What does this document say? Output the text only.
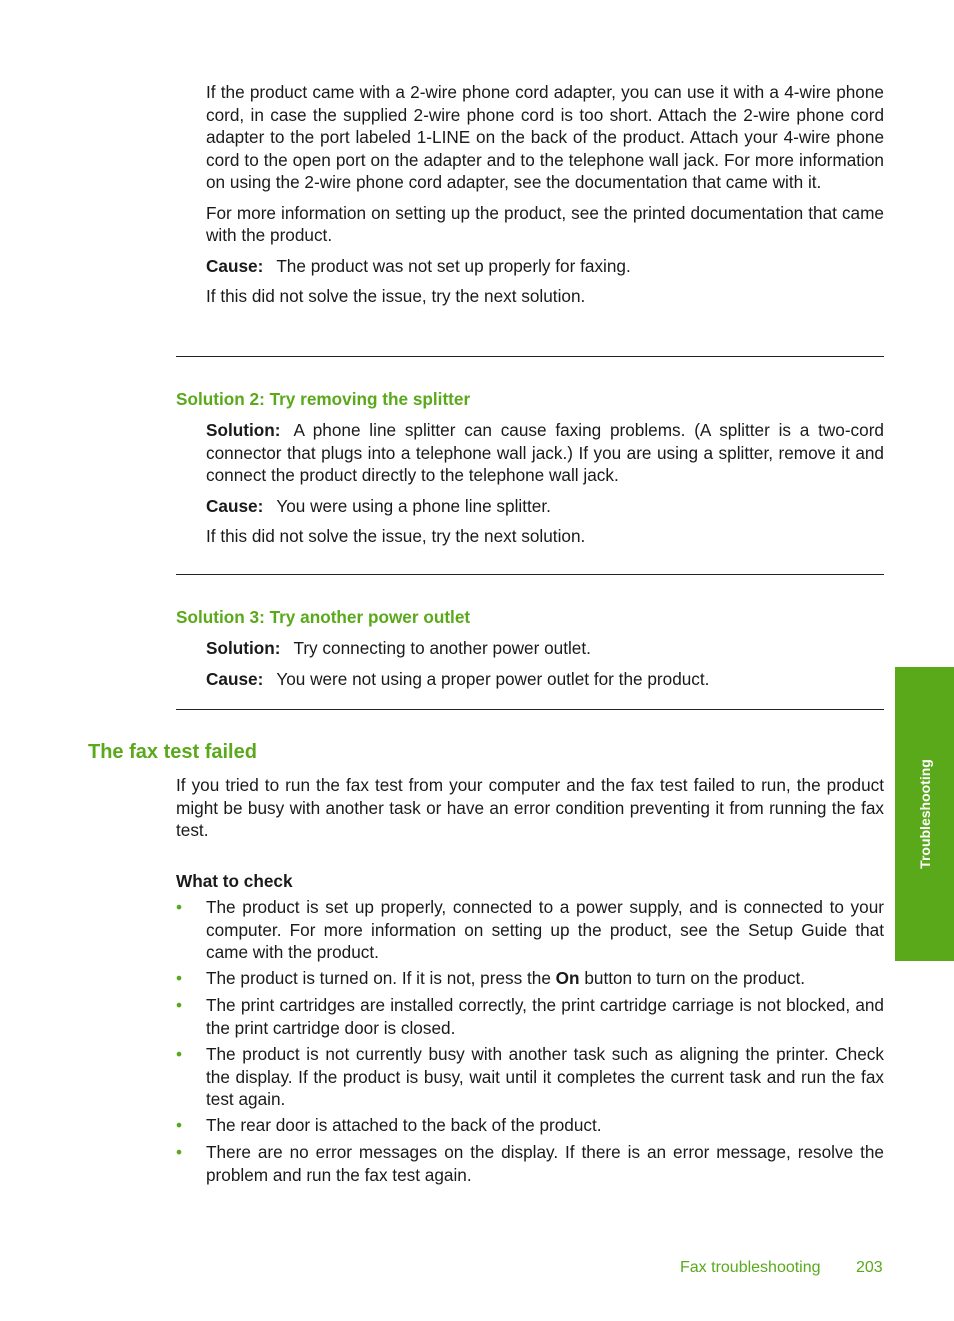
If the product came with a 2-wire phone cord adapter, you can use it with a 4-wire phone cord, in case the supplied 2-wire phone cord is too short. Attach the 2-wire phone cord adapter to the port labeled 1-LINE on the back of the product. Attach your 4-wire phone cord to the open port on the adapter and to the telephone wall jack. For more information on using the 2-wire phone cord adapter, see the documentation that came with it.

For more information on setting up the product, see the printed documentation that came with the product.

Cause: The product was not set up properly for faxing.

If this did not solve the issue, try the next solution.

Solution 2: Try removing the splitter

Solution: A phone line splitter can cause faxing problems. (A splitter is a two-cord connector that plugs into a telephone wall jack.) If you are using a splitter, remove it and connect the product directly to the telephone wall jack.

Cause: You were using a phone line splitter.

If this did not solve the issue, try the next solution.

Solution 3: Try another power outlet

Solution: Try connecting to another power outlet.

Cause: You were not using a proper power outlet for the product.

The fax test failed

If you tried to run the fax test from your computer and the fax test failed to run, the product might be busy with another task or have an error condition preventing it from running the fax test.

What to check
• The product is set up properly, connected to a power supply, and is connected to your computer. For more information on setting up the product, see the Setup Guide that came with the product.

• The product is turned on. If it is not, press the On button to turn on the product.

• The print cartridges are installed correctly, the print cartridge carriage is not blocked, and the print cartridge door is closed.

• The product is not currently busy with another task such as aligning the printer. Check the display. If the product is busy, wait until it completes the current task and run the fax test again.

• The rear door is attached to the back of the product.

• There are no error messages on the display. If there is an error message, resolve the problem and run the fax test again.

Troubleshooting
Fax troubleshooting 203
